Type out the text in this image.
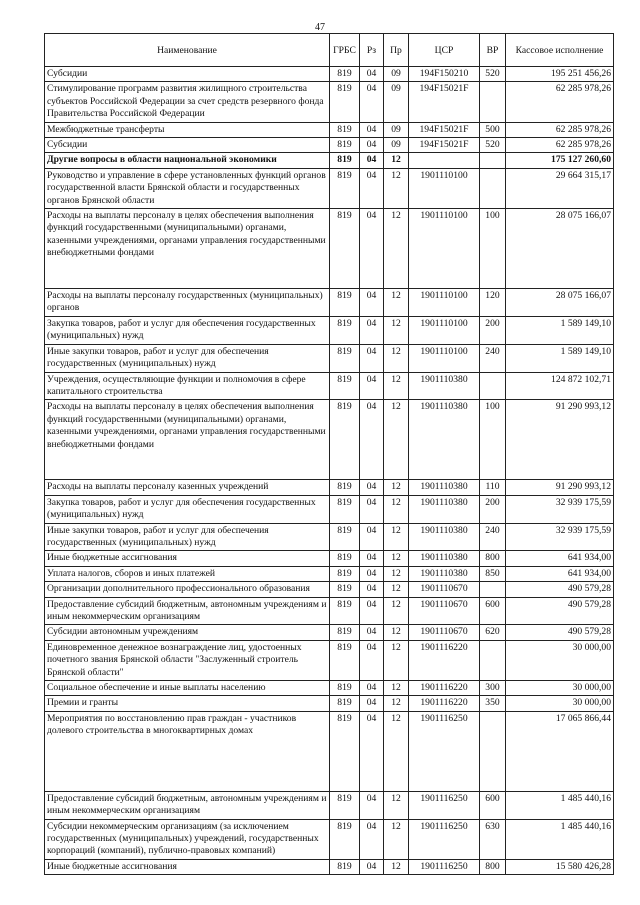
47
Наименование	ГРБС	Рз	Пр	ЦСР	ВР	Кассовое исполнение
Субсидии	819	04	09	194F150210	520	195 251 456,26
Стимулирование программ развития жилищного строительства субъектов Российской Федерации за счет средств резервного фонда Правительства Российской Федерации	819	04	09	194F15021F		62 285 978,26
Межбюджетные трансферты	819	04	09	194F15021F	500	62 285 978,26
Субсидии	819	04	09	194F15021F	520	62 285 978,26
Другие вопросы в области национальной экономики	819	04	12			175 127 260,60
Руководство и управление в сфере установленных функций органов государственной власти Брянской области и государственных органов Брянской области	819	04	12	1901110100		29 664 315,17
Расходы на выплаты персоналу в целях обеспечения выполнения функций государственными (муниципальными) органами, казенными учреждениями, органами управления государственными внебюджетными фондами	819	04	12	1901110100	100	28 075 166,07
Расходы на выплаты персоналу государственных (муниципальных) органов	819	04	12	1901110100	120	28 075 166,07
Закупка товаров, работ и услуг для обеспечения государственных (муниципальных) нужд	819	04	12	1901110100	200	1 589 149,10
Иные закупки товаров, работ и услуг для обеспечения государственных (муниципальных) нужд	819	04	12	1901110100	240	1 589 149,10
Учреждения, осуществляющие функции и полномочия в сфере капитального строительства	819	04	12	1901110380		124 872 102,71
Расходы на выплаты персоналу в целях обеспечения выполнения функций государственными (муниципальными) органами, казенными учреждениями, органами управления государственными внебюджетными фондами	819	04	12	1901110380	100	91 290 993,12
Расходы на выплаты персоналу казенных учреждений	819	04	12	1901110380	110	91 290 993,12
Закупка товаров, работ и услуг для обеспечения государственных (муниципальных) нужд	819	04	12	1901110380	200	32 939 175,59
Иные закупки товаров, работ и услуг для обеспечения государственных (муниципальных) нужд	819	04	12	1901110380	240	32 939 175,59
Иные бюджетные ассигнования	819	04	12	1901110380	800	641 934,00
Уплата налогов, сборов и иных платежей	819	04	12	1901110380	850	641 934,00
Организации дополнительного профессионального образования	819	04	12	1901110670		490 579,28
Предоставление субсидий бюджетным, автономным учреждениям и иным некоммерческим организациям	819	04	12	1901110670	600	490 579,28
Субсидии автономным учреждениям	819	04	12	1901110670	620	490 579,28
Единовременное денежное вознаграждение лиц, удостоенных почетного звания Брянской области "Заслуженный строитель Брянской области"	819	04	12	1901116220		30 000,00
Социальное обеспечение и иные выплаты населению	819	04	12	1901116220	300	30 000,00
Премии и гранты	819	04	12	1901116220	350	30 000,00
Мероприятия по восстановлению прав граждан - участников долевого строительства в многоквартирных домах	819	04	12	1901116250		17 065 866,44
Предоставление субсидий бюджетным, автономным учреждениям и иным некоммерческим организациям	819	04	12	1901116250	600	1 485 440,16
Субсидии некоммерческим организациям (за исключением государственных (муниципальных) учреждений, государственных корпораций (компаний), публично-правовых компаний)	819	04	12	1901116250	630	1 485 440,16
Иные бюджетные ассигнования	819	04	12	1901116250	800	15 580 426,28
